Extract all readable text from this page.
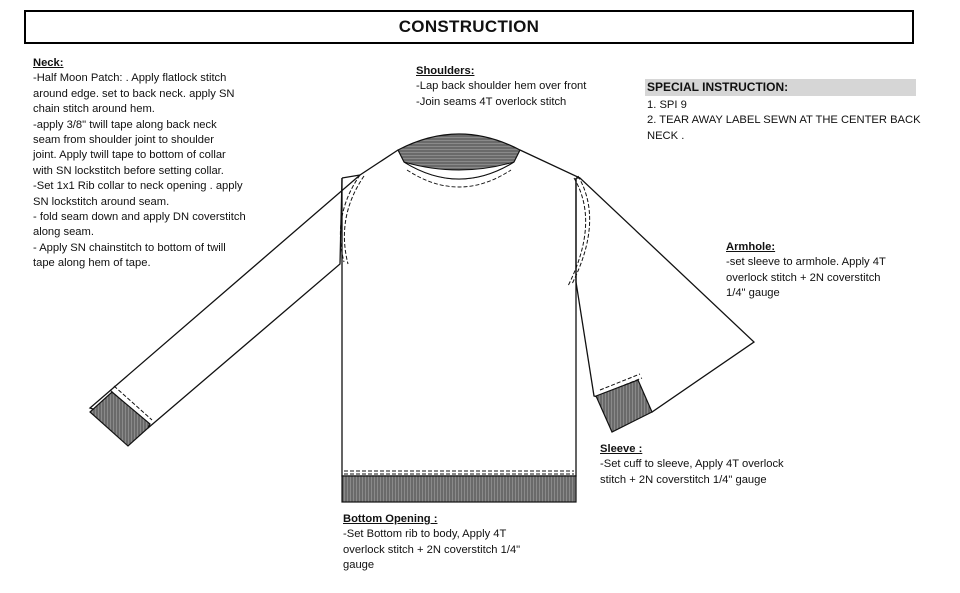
CONSTRUCTION
Neck:
-Half Moon Patch: . Apply flatlock stitch
around edge. set to back neck. apply SN
chain stitch around hem.
-apply 3/8" twill tape along back neck
seam from shoulder joint to shoulder
joint. Apply twill tape to bottom of collar
with SN lockstitch before setting collar.
-Set 1x1 Rib collar to neck opening . apply
SN lockstitch around seam.
- fold seam down and apply DN coverstitch
along seam.
- Apply SN chainstitch to bottom of twill
tape along hem of tape.
Shoulders:
-Lap back shoulder hem over front
-Join seams 4T overlock stitch
SPECIAL INSTRUCTION:
1. SPI 9
2. TEAR AWAY LABEL SEWN AT THE CENTER BACK
NECK .
Armhole:
-set sleeve to armhole. Apply 4T
overlock stitch + 2N coverstitch
1/4" gauge
Sleeve :
-Set cuff to sleeve, Apply 4T overlock
stitch + 2N coverstitch 1/4" gauge
Bottom Opening :
-Set Bottom rib to body, Apply 4T
overlock stitch + 2N coverstitch 1/4"
gauge
